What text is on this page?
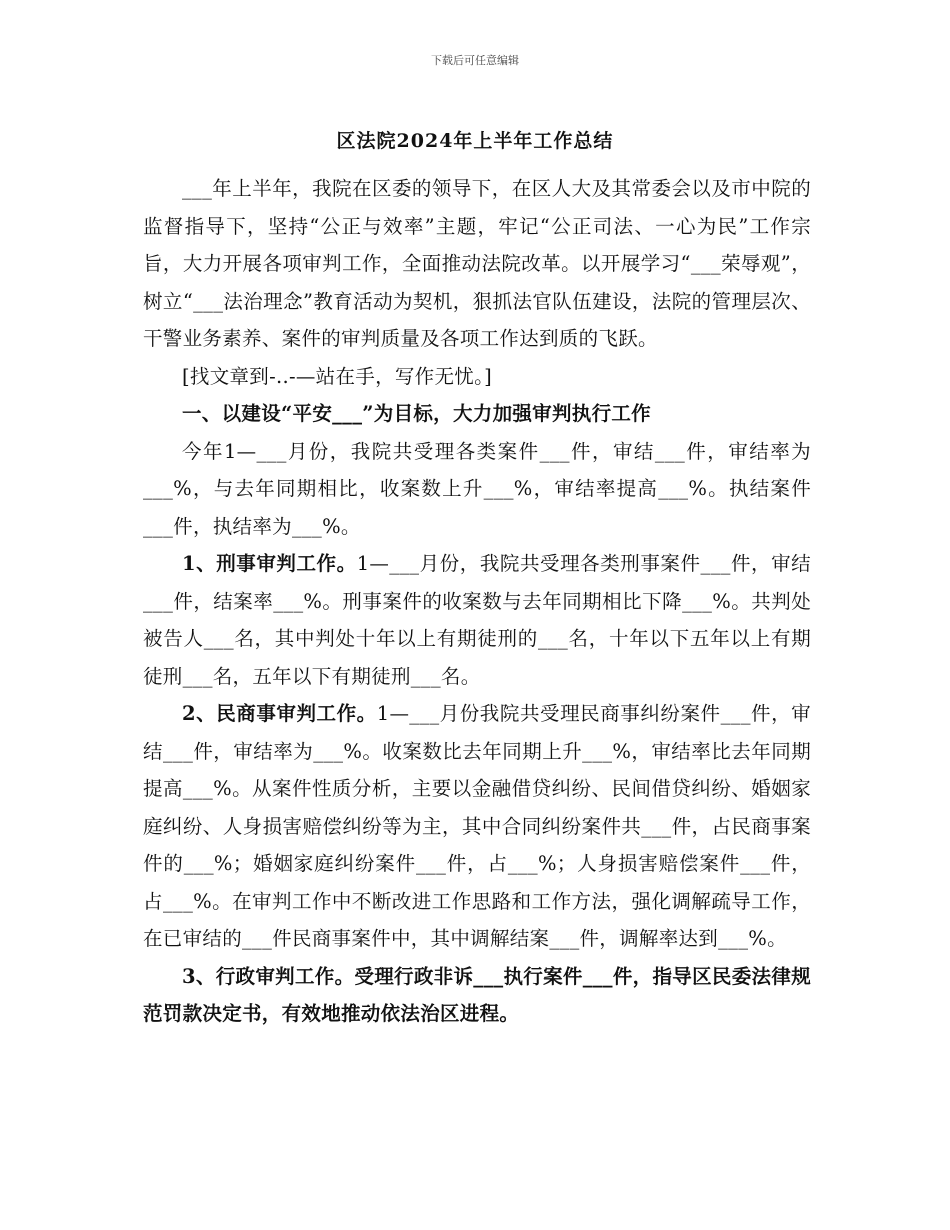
下载后可任意编辑
区法院2024年上半年工作总结

___年上半年，我院在区委的领导下，在区人大及其常委会以及市中院的监督指导下，坚持“公正与效率”主题，牢记“公正司法、一心为民”工作宗旨，大力开展各项审判工作，全面推动法院改革。以开展学习“___荣辱观”，树立“___法治理念”教育活动为契机，狠抓法官队伍建设，法院的管理层次、干警业务素养、案件的审判质量及各项工作达到质的飞跃。

[找文章到-..-—站在手，写作无忧。]

一、以建设“平安___”为目标，大力加强审判执行工作

今年1—___月份，我院共受理各类案件___件，审结___件，审结率为___%，与去年同期相比，收案数上升___%，审结率提高___%。执结案件___件，执结率为___%。

1、刑事审判工作。1—___月份，我院共受理各类刑事案件___件，审结___件，结案率___%。刑事案件的收案数与去年同期相比下降___%。共判处被告人___名，其中判处十年以上有期徒刑的___名，十年以下五年以上有期徒刑___名，五年以下有期徒刑___名。

2、民商事审判工作。1—___月份我院共受理民商事纠纷案件___件，审结___件，审结率为___%。收案数比去年同期上升___%，审结率比去年同期提高___%。从案件性质分析，主要以金融借贷纠纷、民间借贷纠纷、婚姻家庭纠纷、人身损害赔偿纠纷等为主，其中合同纠纷案件共___件，占民商事案件的___%；婚姻家庭纠纷案件___件，占___%；人身损害赔偿案件___件，占___%。在审判工作中不断改进工作思路和工作方法，强化调解疏导工作，在已审结的___件民商事案件中，其中调解结案___件，调解率达到___%。

3、行政审判工作。受理行政非诉___执行案件___件，指导区民委法律规范罚款决定书，有效地推动依法治区进程。
